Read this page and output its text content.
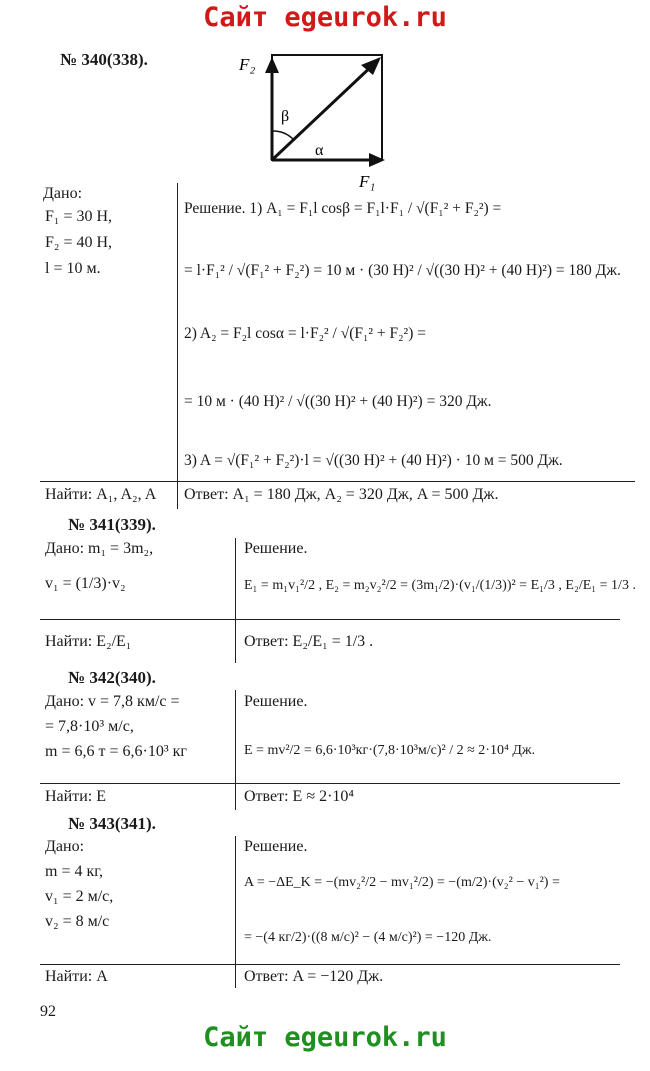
Сайт egeurok.ru
№ 340(338).	F₂
β
α
F₁
Дано:
F₁ = 30 Н,
F₂ = 40 Н,
l = 10 м.
Решение. 1) A₁ = F₁l cosβ = F₁l·F₁ / √(F₁² + F₂²) =
= l·F₁² / √(F₁² + F₂²) = 10 м · (30 Н)² / √((30 Н)² + (40 Н)²) = 180 Дж.
2) A₂ = F₂l cosα = l·F₂² / √(F₁² + F₂²) =
= 10 м · (40 Н)² / √((30 Н)² + (40 Н)²) = 320 Дж.
3) A = √(F₁² + F₂²)·l = √((30 Н)² + (40 Н)²) · 10 м = 500 Дж.
Найти: A₁, A₂, A Ответ: A₁ = 180 Дж, A₂ = 320 Дж, A = 500 Дж.
№ 341(339).
Дано: m₁ = 3m₂,
v₁ = (1/3)·v₂
Решение.
E₁ = m₁v₁²/2 , E₂ = m₂v₂²/2 = (3m₁/2)·(v₁/(1/3))² = E₁/3 , E₂/E₁ = 1/3 .
Найти: E₂/E₁	Ответ: E₂/E₁ = 1/3 .
№ 342(340).
Дано: v = 7,8 км/с =
= 7,8·10³ м/с,
m = 6,6 т = 6,6·10³ кг
Решение.
E = mv²/2 = 6,6·10³кг·(7,8·10³м/с)² / 2 ≈ 2·10⁴ Дж.
Найти: E	Ответ: E ≈ 2·10⁴
№ 343(341).
Дано:
m = 4 кг,
v₁ = 2 м/с,
v₂ = 8 м/с
Решение.
A = −ΔE_K = −(mv₂²/2 − mv₁²/2) = −(m/2)·(v₂² − v₁²) =
= −(4 кг/2)·((8 м/с)² − (4 м/с)²) = −120 Дж.
Найти: A	Ответ: A = −120 Дж.
92
Сайт egeurok.ru
